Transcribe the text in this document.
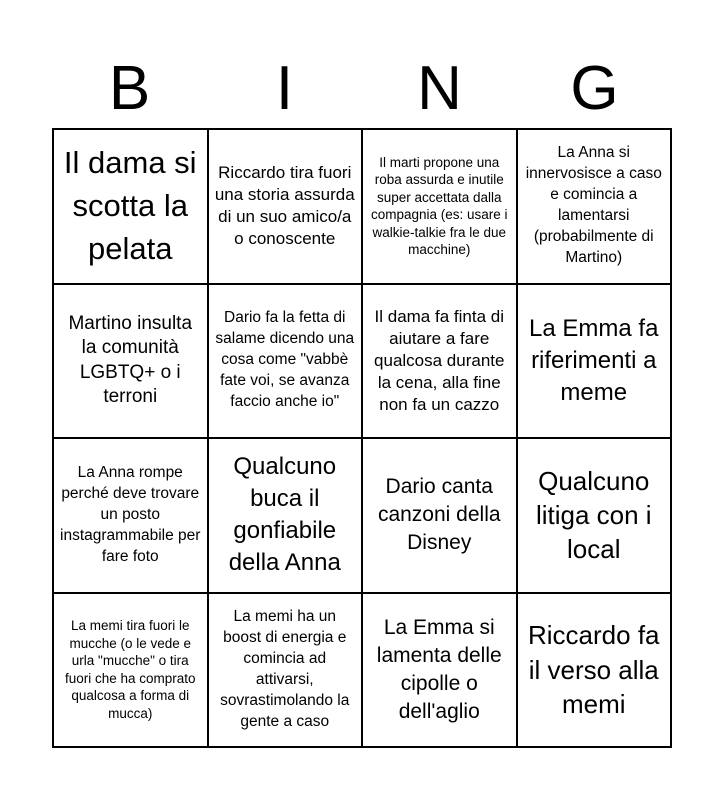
B	I	N	G
Il dama si scotta la pelata
Riccardo tira fuori una storia assurda di un suo amico/a o conoscente
Il marti propone una roba assurda e inutile super accettata dalla compagnia (es: usare i walkie-talkie fra le due macchine)
La Anna si innervosisce a caso e comincia a lamentarsi (probabilmente di Martino)
Martino insulta la comunità LGBTQ+ o i terroni
Dario fa la fetta di salame dicendo una cosa come "vabbè fate voi, se avanza faccio anche io"
Il dama fa finta di aiutare a fare qualcosa durante la cena, alla fine non fa un cazzo
La Emma fa riferimenti a meme
La Anna rompe perché deve trovare un posto instagrammabile per fare foto
Qualcuno buca il gonfiabile della Anna
Dario canta canzoni della Disney
Qualcuno litiga con i local
La memi tira fuori le mucche (o le vede e urla "mucche" o tira fuori che ha comprato qualcosa a forma di mucca)
La memi ha un boost di energia e comincia ad attivarsi, sovrastimolando la gente a caso
La Emma si lamenta delle cipolle o dell'aglio
Riccardo fa il verso alla memi
